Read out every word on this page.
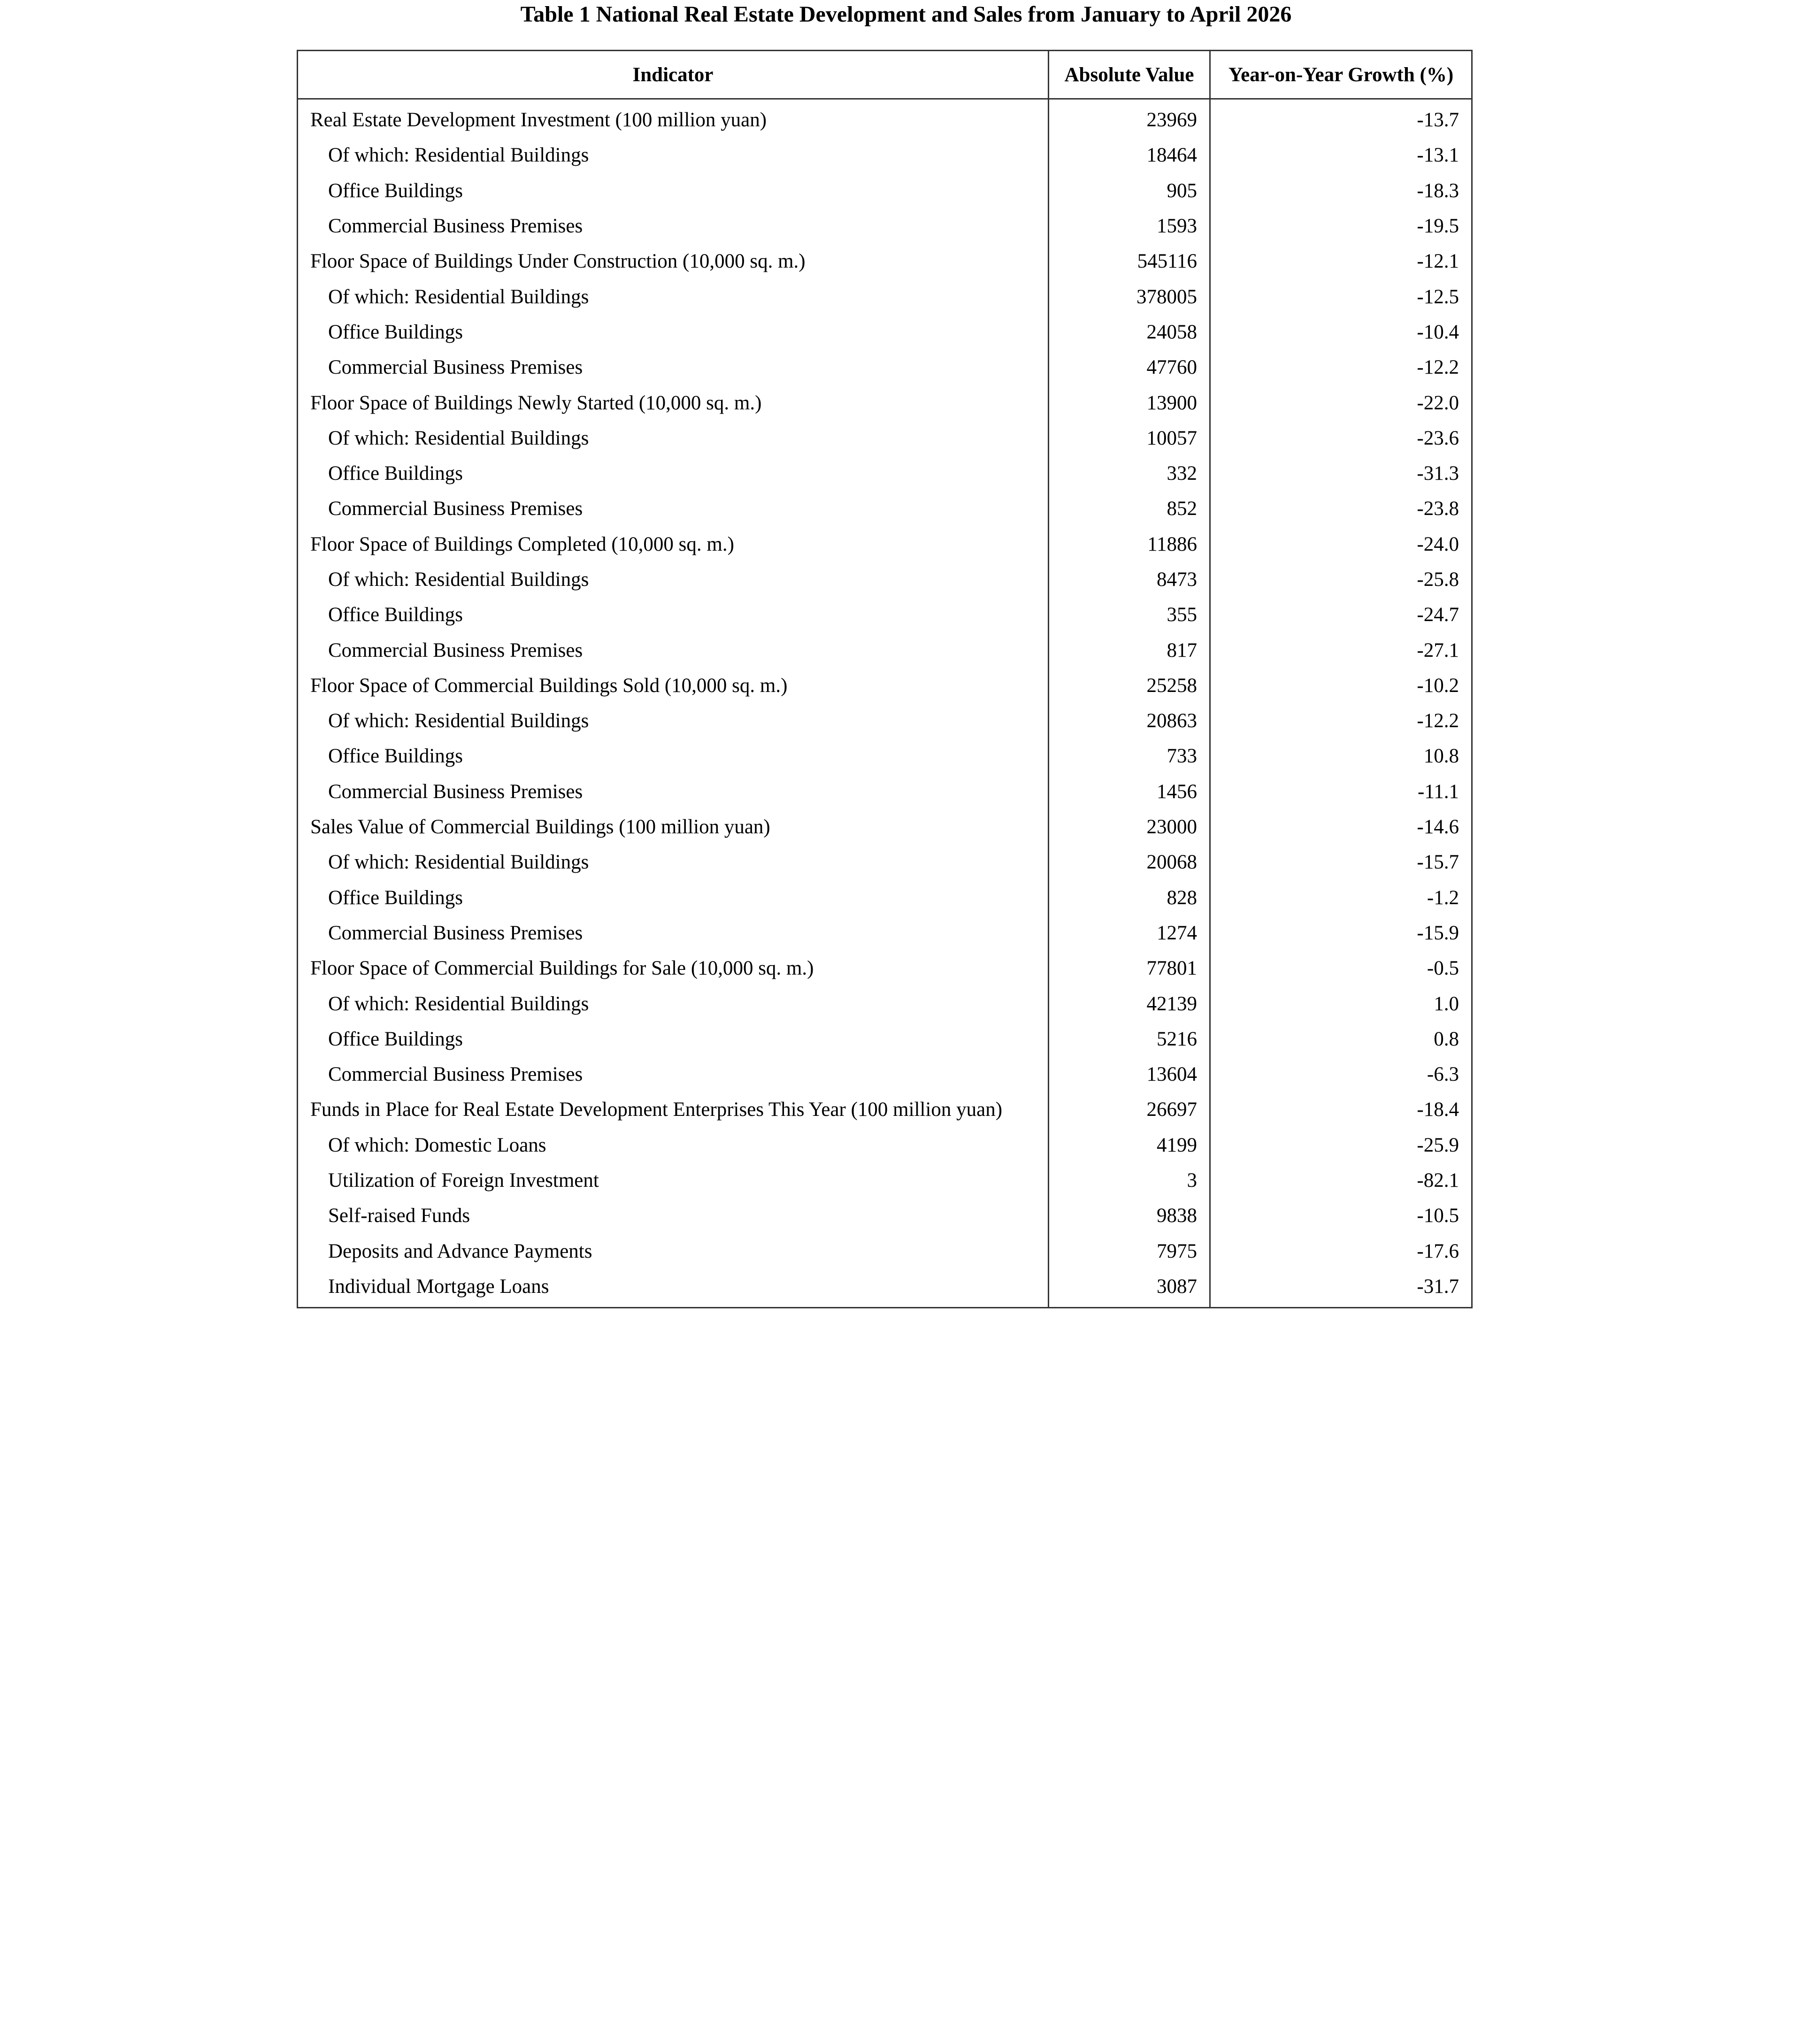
Table 1 National Real Estate Development and Sales from January to April 2026
Indicator	Absolute Value	Year-on-Year Growth (%)
Real Estate Development Investment (100 million yuan)	23969	-13.7
Of which: Residential Buildings	18464	-13.1
Office Buildings	905	-18.3
Commercial Business Premises	1593	-19.5
Floor Space of Buildings Under Construction (10,000 sq. m.)	545116	-12.1
Of which: Residential Buildings	378005	-12.5
Office Buildings	24058	-10.4
Commercial Business Premises	47760	-12.2
Floor Space of Buildings Newly Started (10,000 sq. m.)	13900	-22.0
Of which: Residential Buildings	10057	-23.6
Office Buildings	332	-31.3
Commercial Business Premises	852	-23.8
Floor Space of Buildings Completed (10,000 sq. m.)	11886	-24.0
Of which: Residential Buildings	8473	-25.8
Office Buildings	355	-24.7
Commercial Business Premises	817	-27.1
Floor Space of Commercial Buildings Sold (10,000 sq. m.)	25258	-10.2
Of which: Residential Buildings	20863	-12.2
Office Buildings	733	10.8
Commercial Business Premises	1456	-11.1
Sales Value of Commercial Buildings (100 million yuan)	23000	-14.6
Of which: Residential Buildings	20068	-15.7
Office Buildings	828	-1.2
Commercial Business Premises	1274	-15.9
Floor Space of Commercial Buildings for Sale (10,000 sq. m.)	77801	-0.5
Of which: Residential Buildings	42139	1.0
Office Buildings	5216	0.8
Commercial Business Premises	13604	-6.3
Funds in Place for Real Estate Development Enterprises This Year (100 million yuan)	26697	-18.4
Of which: Domestic Loans	4199	-25.9
Utilization of Foreign Investment	3	-82.1
Self-raised Funds	9838	-10.5
Deposits and Advance Payments	7975	-17.6
Individual Mortgage Loans	3087	-31.7
